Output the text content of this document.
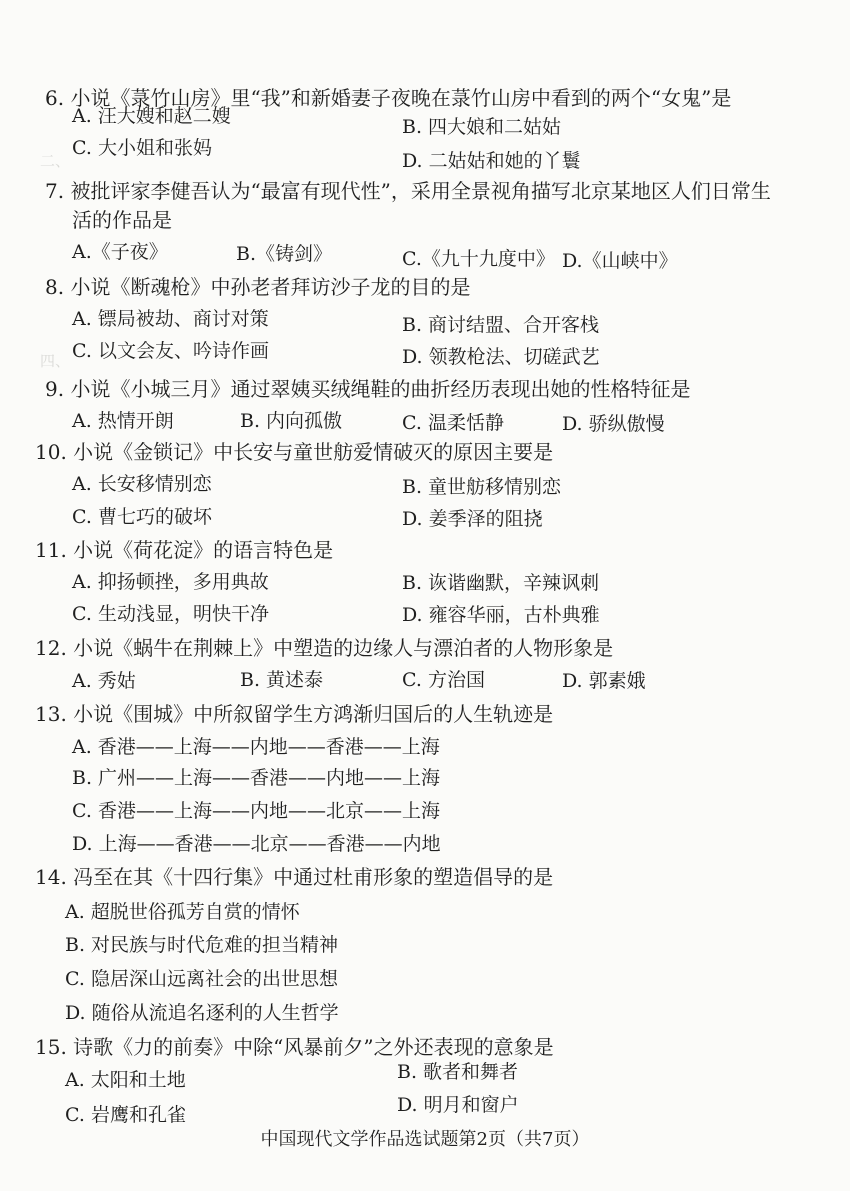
二、
四、
6. 小说《菉竹山房》里“我”和新婚妻子夜晚在菉竹山房中看到的两个“女鬼”是
A. 汪大嫂和赵二嫂	B. 四大娘和二姑姑
C. 大小姐和张妈
D. 二姑姑和她的丫鬟
7. 被批评家李健吾认为“最富有现代性”，采用全景视角描写北京某地区人们日常生
活的作品是
A.《子夜》	B.《铸剑》	C.《九十九度中》 D.《山峡中》
8. 小说《断魂枪》中孙老者拜访沙子龙的目的是
A. 镖局被劫、商讨对策	B. 商讨结盟、合开客栈
C. 以文会友、吟诗作画	D. 领教枪法、切磋武艺
9. 小说《小城三月》通过翠姨买绒绳鞋的曲折经历表现出她的性格特征是
A. 热情开朗	B. 内向孤傲	C. 温柔恬静	D. 骄纵傲慢
10. 小说《金锁记》中长安与童世舫爱情破灭的原因主要是
A. 长安移情别恋	B. 童世舫移情别恋
C. 曹七巧的破坏	D. 姜季泽的阻挠
11. 小说《荷花淀》的语言特色是
A. 抑扬顿挫，多用典故	B. 诙谐幽默，辛辣讽刺
C. 生动浅显，明快干净	D. 雍容华丽，古朴典雅
12. 小说《蜗牛在荆棘上》中塑造的边缘人与漂泊者的人物形象是
A. 秀姑	B. 黄述泰	C. 方治国	D. 郭素娥
13. 小说《围城》中所叙留学生方鸿渐归国后的人生轨迹是
A. 香港——上海——内地——香港——上海
B. 广州——上海——香港——内地——上海
C. 香港——上海——内地——北京——上海
D. 上海——香港——北京——香港——内地
14. 冯至在其《十四行集》中通过杜甫形象的塑造倡导的是
A. 超脱世俗孤芳自赏的情怀
B. 对民族与时代危难的担当精神
C. 隐居深山远离社会的出世思想
D. 随俗从流追名逐利的人生哲学
15. 诗歌《力的前奏》中除“风暴前夕”之外还表现的意象是
A. 太阳和土地	B. 歌者和舞者
C. 岩鹰和孔雀	D. 明月和窗户
中国现代文学作品选试题第2页（共7页）
